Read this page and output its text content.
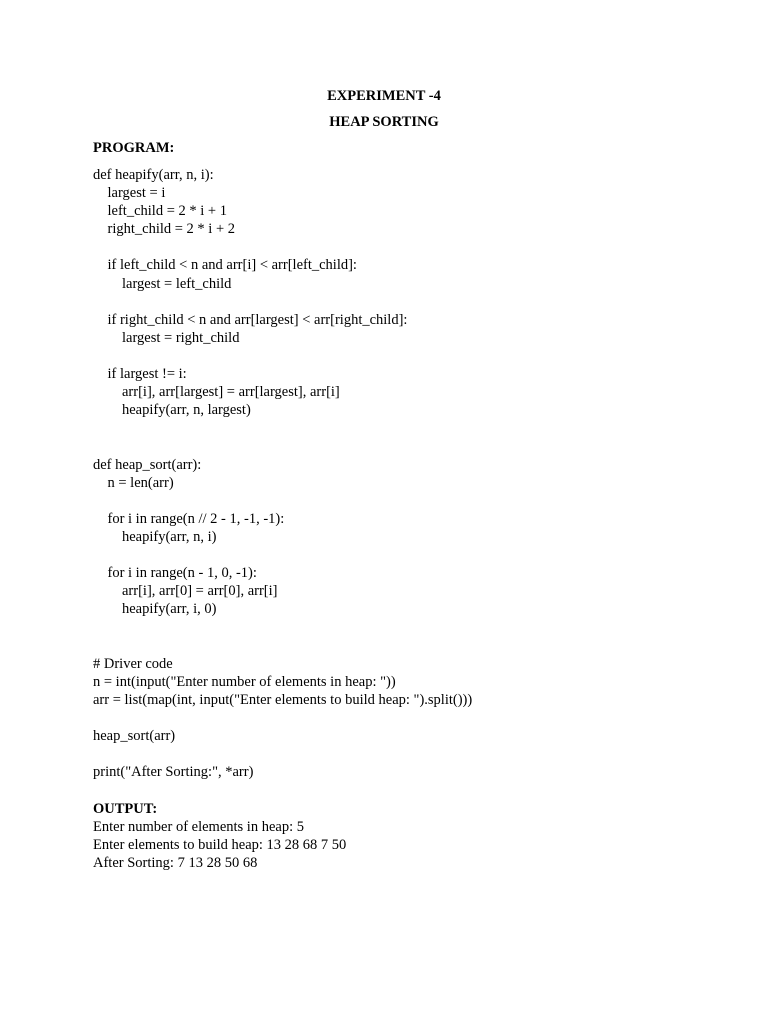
EXPERIMENT -4
HEAP SORTING
PROGRAM:
def heapify(arr, n, i):
largest = i
left_child = 2 * i + 1
right_child = 2 * i + 2
if left_child < n and arr[i] < arr[left_child]:
largest = left_child
if right_child < n and arr[largest] < arr[right_child]:
largest = right_child
if largest != i:
arr[i], arr[largest] = arr[largest], arr[i]
heapify(arr, n, largest)
def heap_sort(arr):
n = len(arr)
for i in range(n // 2 - 1, -1, -1):
heapify(arr, n, i)
for i in range(n - 1, 0, -1):
arr[i], arr[0] = arr[0], arr[i]
heapify(arr, i, 0)
# Driver code
n = int(input("Enter number of elements in heap: "))
arr = list(map(int, input("Enter elements to build heap: ").split()))
heap_sort(arr)
print("After Sorting:", *arr)
OUTPUT:
Enter number of elements in heap: 5
Enter elements to build heap: 13 28 68 7 50
After Sorting: 7 13 28 50 68
